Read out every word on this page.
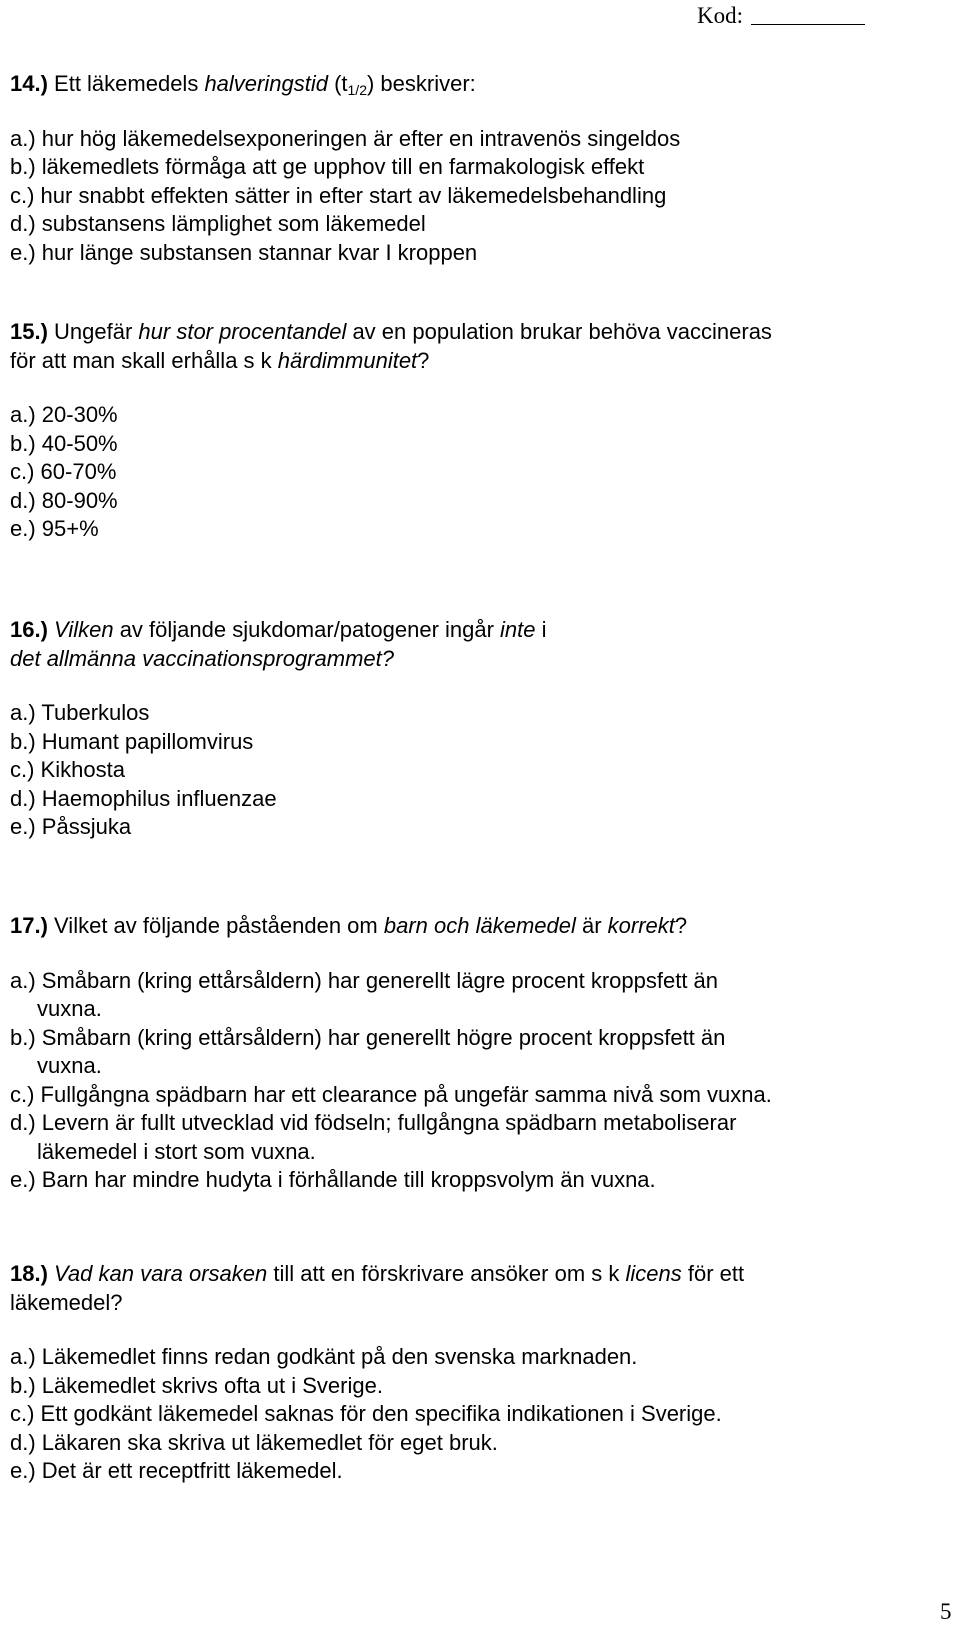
Kod:

14.) Ett läkemedels halveringstid $(t_{1/2})$ beskriver:

a.) hur hög läkemedelsexponeringen är efter en intravenös singeldos

b.) läkemedlets förmåga att ge upphov till en farmakologisk effekt

c.) hur snabbt effekten sätter in efter start av läkemedelsbehandling

d.) substansens lämplighet som läkemedel

e.) hur länge substansen stannar kvar I kroppen

15.) Ungefär hur stor procentandel av en population brukar behöva vaccineras

för att man skall erhålla s k härdimmunitet?

a.) 20-30%

b.) 40-50%

c.) 60-70%

d.) 80-90%

e.) 95+%

16.) Vilken av följande sjukdomar/patogener ingår inte i

det allmänna vaccinationsprogrammet?

a.) Tuberkulos

b.) Humant papillomvirus

c.) Kikhosta

d.) Haemophilus influenzae

e.) Påssjuka

17.) Vilket av följande påståenden om barn och läkemedel är korrekt?

a.) Småbarn (kring ettårsåldern) har generellt lägre procent kroppsfett än

vuxna.

b.) Småbarn (kring ettårsåldern) har generellt högre procent kroppsfett än

vuxna.

c.) Fullgångna spädbarn har ett clearance på ungefär samma nivå som vuxna.

d.) Levern är fullt utvecklad vid födseln; fullgångna spädbarn metaboliserar

läkemedel i stort som vuxna.

e.) Barn har mindre hudyta i förhållande till kroppsvolym än vuxna.

18.) Vad kan vara orsaken till att en förskrivare ansöker om s k licens för ett

läkemedel?

a.) Läkemedlet finns redan godkänt på den svenska marknaden.

b.) Läkemedlet skrivs ofta ut i Sverige.

c.) Ett godkänt läkemedel saknas för den specifika indikationen i Sverige.

d.) Läkaren ska skriva ut läkemedlet för eget bruk.

e.) Det är ett receptfritt läkemedel.

5
